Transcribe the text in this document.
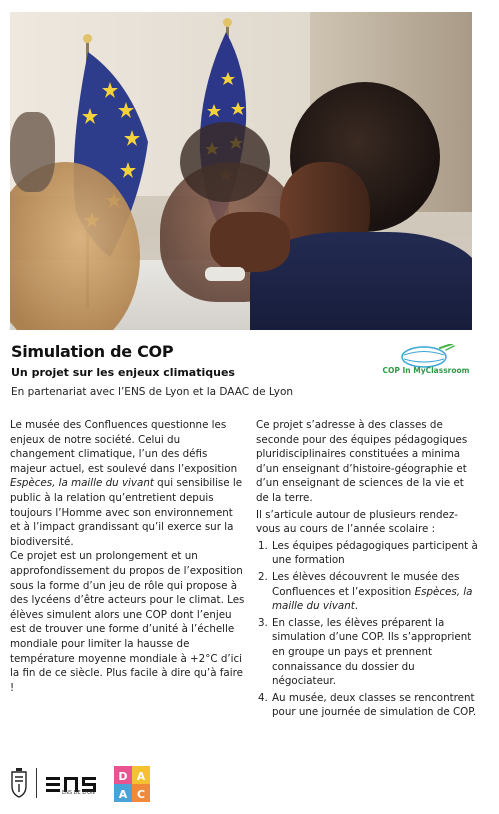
Simulation de COP
Un projet sur les enjeux climatiques
En partenariat avec l’ENS de Lyon et la DAAC de Lyon
COP In MyClassroom

Le musée des Confluences questionne les enjeux de notre société. Celui du changement climatique, l’un des défis majeur actuel, est soulevé dans l’exposition Espèces, la maille du vivant qui sensibilise le public à la relation qu’entretient depuis toujours l’Homme avec son environnement et à l’impact grandissant qu’il exerce sur la biodiversité.

Ce projet est un prolongement et un approfondissement du propos de l’exposition sous la forme d’un jeu de rôle qui propose à des lycéens d’être acteurs pour le climat. Les élèves simulent alors une COP dont l’enjeu est de trouver une forme d’unité à l’échelle mondiale pour limiter la hausse de température moyenne mondiale à +2°C d’ici la fin de ce siècle. Plus facile à dire qu’à faire !

Ce projet s’adresse à des classes de seconde pour des équipes pédagogiques pluridisciplinaires constituées a minima d’un enseignant d’histoire-géographie et d’un enseignant de sciences de la vie et de la terre.

Il s’articule autour de plusieurs rendez-vous au cours de l’année scolaire :

1. Les équipes pédagogiques participent à une formation
2. Les élèves découvrent le musée des Confluences et l’exposition Espèces, la maille du vivant.
3. En classe, les élèves préparent la simulation d’une COP. Ils s’approprient en groupe un pays et prennent connaissance du dossier du négociateur.
4. Au musée, deux classes se rencontrent pour une journée de simulation de COP.
ENS DE LYON
D A
A C
